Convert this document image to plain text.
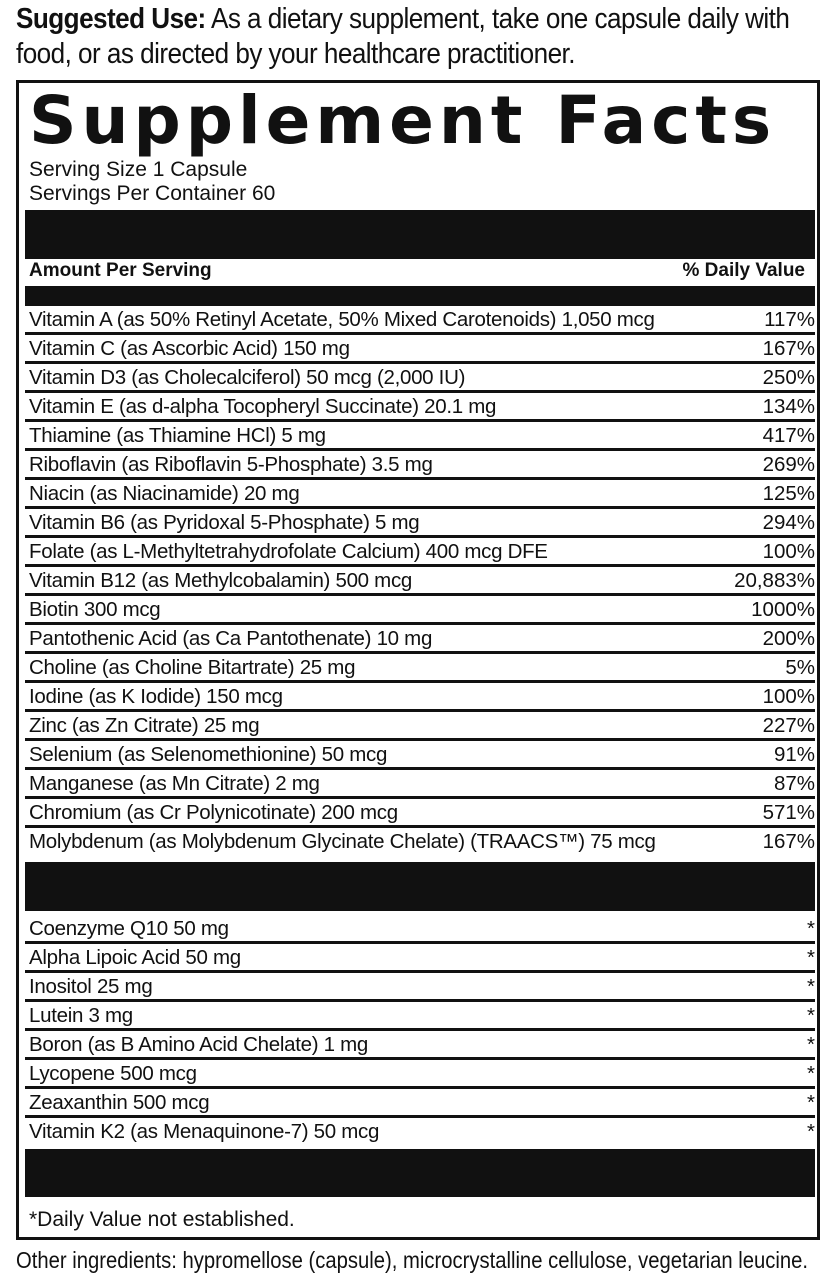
Suggested Use: As a dietary supplement, take one capsule daily with food, or as directed by your healthcare practitioner.
Supplement Facts
Serving Size 1 Capsule
Servings Per Container 60
Amount Per Serving	% Daily Value
Vitamin A (as 50% Retinyl Acetate, 50% Mixed Carotenoids) 1,050 mcg	117%
Vitamin C (as Ascorbic Acid) 150 mg	167%
Vitamin D3 (as Cholecalciferol) 50 mcg (2,000 IU)	250%
Vitamin E (as d-alpha Tocopheryl Succinate) 20.1 mg	134%
Thiamine (as Thiamine HCl) 5 mg	417%
Riboflavin (as Riboflavin 5-Phosphate) 3.5 mg	269%
Niacin (as Niacinamide) 20 mg	125%
Vitamin B6 (as Pyridoxal 5-Phosphate) 5 mg	294%
Folate (as L-Methyltetrahydrofolate Calcium) 400 mcg DFE	100%
Vitamin B12 (as Methylcobalamin) 500 mcg	20,883%
Biotin 300 mcg	1000%
Pantothenic Acid (as Ca Pantothenate) 10 mg	200%
Choline (as Choline Bitartrate) 25 mg	5%
Iodine (as K Iodide) 150 mcg	100%
Zinc (as Zn Citrate) 25 mg	227%
Selenium (as Selenomethionine) 50 mcg	91%
Manganese (as Mn Citrate) 2 mg	87%
Chromium (as Cr Polynicotinate) 200 mcg	571%
Molybdenum (as Molybdenum Glycinate Chelate) (TRAACS™) 75 mcg	167%
Coenzyme Q10 50 mg	*
Alpha Lipoic Acid 50 mg	*
Inositol 25 mg	*
Lutein 3 mg	*
Boron (as B Amino Acid Chelate) 1 mg	*
Lycopene 500 mcg	*
Zeaxanthin 500 mcg	*
Vitamin K2 (as Menaquinone-7) 50 mcg	*
*Daily Value not established.
Other ingredients: hypromellose (capsule), microcrystalline cellulose, vegetarian leucine.
